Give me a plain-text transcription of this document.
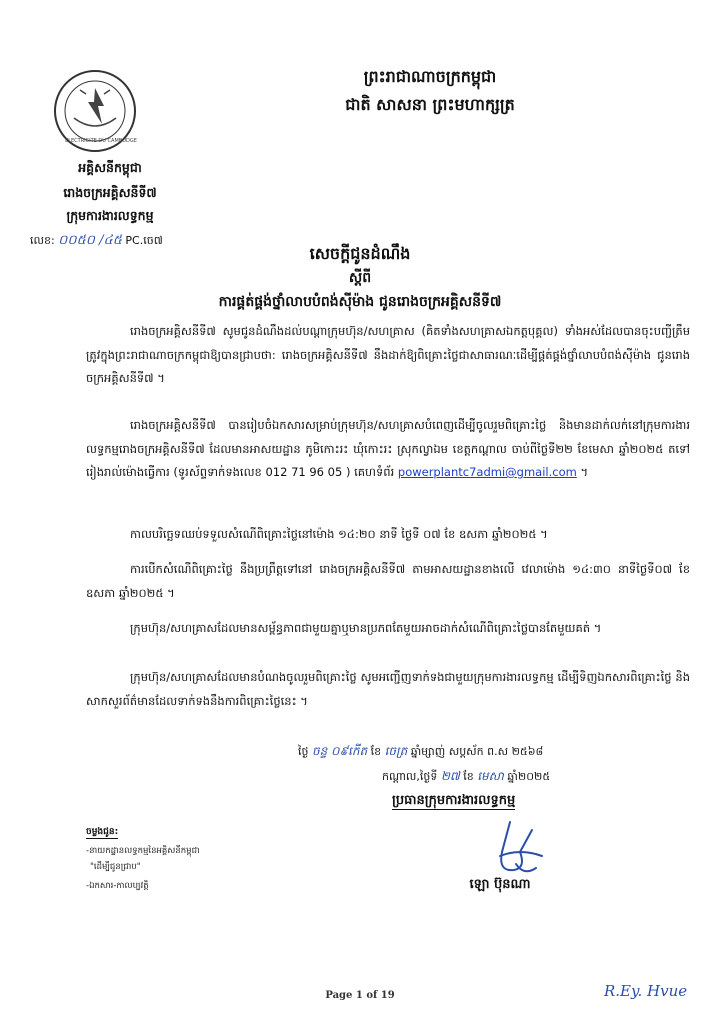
ELECTRICITE DU CAMBODGE
ព្រះរាជាណាចក្រកម្ពុជា
ជាតិ សាសនា ព្រះមហាក្សត្រ
អគ្គិសនីកម្ពុជា
រោងចក្រអគ្គិសនីទី៧
ក្រុមការងារលទ្ធកម្ម
លេខ: ០០៥០ /៤៥ PC.ចេ៧
សេចក្តីជូនដំណឹង
ស្តីពី
ការផ្គត់ផ្គង់ថ្នាំលាបបំពង់ស៊ីម៉ាង ជូនរោងចក្រអគ្គិសនីទី៧
រោងចក្រអគ្គិសនីទី៧ សូមជូនដំណឹងដល់បណ្តាក្រុមហ៊ុន/សហគ្រាស (គិតទាំងសហគ្រាសឯកត្តបុគ្គល) ទាំងអស់ដែលបានចុះបញ្ជីត្រឹមត្រូវក្នុងព្រះរាជាណាចក្រកម្ពុជាឱ្យបានជ្រាបថា: រោងចក្រអគ្គិសនីទី៧ នឹងដាក់ឱ្យពិគ្រោះថ្លៃជាសាធារណៈដើម្បីផ្គត់ផ្គង់ថ្នាំលាបបំពង់ស៊ីម៉ាង ជូនរោងចក្រអគ្គិសនីទី៧ ។
រោងចក្រអគ្គិសនីទី៧ បានរៀបចំឯកសារសម្រាប់ក្រុមហ៊ុន/សហគ្រាសបំពេញដើម្បីចូលរួមពិគ្រោះថ្លៃ និងមានដាក់លក់នៅក្រុមការងារលទ្ធកម្មរោងចក្រអគ្គិសនីទី៧ ដែលមានអាសយដ្ឋាន ភូមិកោះរះ ឃុំកោះរះ ស្រុកល្វាឯម ខេត្តកណ្តាល ចាប់ពីថ្ងៃទី២២ ខែមេសា ឆ្នាំ២០២៥ តទៅរៀងរាល់ម៉ោងធ្វើការ (ទូរស័ព្ទទាក់ទងលេខ 012 71 96 05 ) គេហទំព័រ powerplantc7admi@gmail.com ។
កាលបរិច្ឆេទឈប់ទទួលសំណើពិគ្រោះថ្លៃនៅម៉ោង ១៤:២០ នាទី ថ្ងៃទី ០៧ ខែ ឧសភា ឆ្នាំ២០២៥ ។
ការបើកសំណើពិគ្រោះថ្លៃ នឹងប្រព្រឹត្តទៅនៅ រោងចក្រអគ្គិសនីទី៧ តាមអាសយដ្ឋានខាងលើ វេលាម៉ោង ១៤:៣០ នាទីថ្ងៃទី០៧ ខែឧសភា ឆ្នាំ២០២៥ ។
ក្រុមហ៊ុន/សហគ្រាសដែលមានសម្ព័ន្ធភាពជាមួយគ្នាឬមានប្រភពតែមួយអាចដាក់សំណើពិគ្រោះថ្លៃបានតែមួយគត់ ។
ក្រុមហ៊ុន/សហគ្រាសដែលមានបំណងចូលរួមពិគ្រោះថ្លៃ សូមអញ្ជើញទាក់ទងជាមួយក្រុមការងារលទ្ធកម្ម ដើម្បីទិញឯកសារពិគ្រោះថ្លៃ និងសាកសួរព័ត៌មានដែលទាក់ទងនឹងការពិគ្រោះថ្លៃនេះ ។
ថ្ងៃ ចន្ទ ០៩កើត ខែ ចេត្រ ឆ្នាំម្សាញ់ សប្តស័ក ព.ស ២៥៦៨
កណ្តាល,ថ្ងៃទី ២៧ ខែ មេសា ឆ្នាំ២០២៥
ប្រធានក្រុមការងារលទ្ធកម្ម
ឡោ ប៊ុនណា
ចម្លងជូន:
-នាយកដ្ឋានលទ្ធកម្មនៃអគ្គិសនីកម្ពុជា
"ដើម្បីជូនជ្រាប"
-ឯកសារ-កាលប្បវត្តិ
Page 1 of 19	R.Ey. Hvue
